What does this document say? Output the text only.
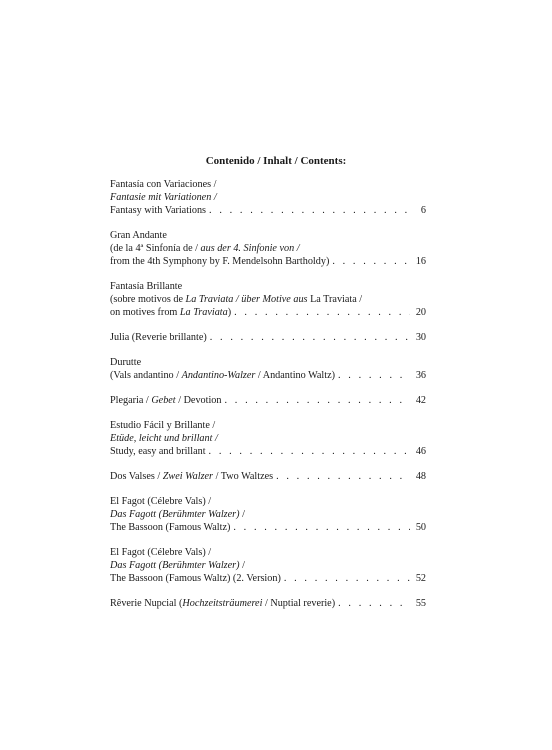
Contenido / Inhalt / Contents:
Fantasía con Variaciones /
Fantasie mit Variationen /
Fantasy with Variations . . .	6
Gran Andante
(de la 4ª Sinfonía de / aus der 4. Sinfonie von /
from the 4th Symphony by F. Mendelsohn Bartholdy) . . .	16
Fantasía Brillante
(sobre motivos de La Traviata / über Motive aus La Traviata /
on motives from La Traviata) . . .	20
Julia (Reverie brillante) . . .	30
Durutte
(Vals andantino / Andantino-Walzer / Andantino Waltz) . . .	36
Plegaria / Gebet / Devotion . . .	42
Estudio Fácil y Brillante /
Etüde, leicht und brillant /
Study, easy and brillant . . .	46
Dos Valses / Zwei Walzer / Two Waltzes . . .	48
El Fagot (Célebre Vals) /
Das Fagott (Berühmter Walzer) /
The Bassoon (Famous Waltz) . . .	50
El Fagot (Célebre Vals) /
Das Fagott (Berühmter Walzer) /
The Bassoon (Famous Waltz) (2. Version) . . .	52
Rêverie Nupcial (Hochzeitsträumerei / Nuptial reverie) . . .	55
